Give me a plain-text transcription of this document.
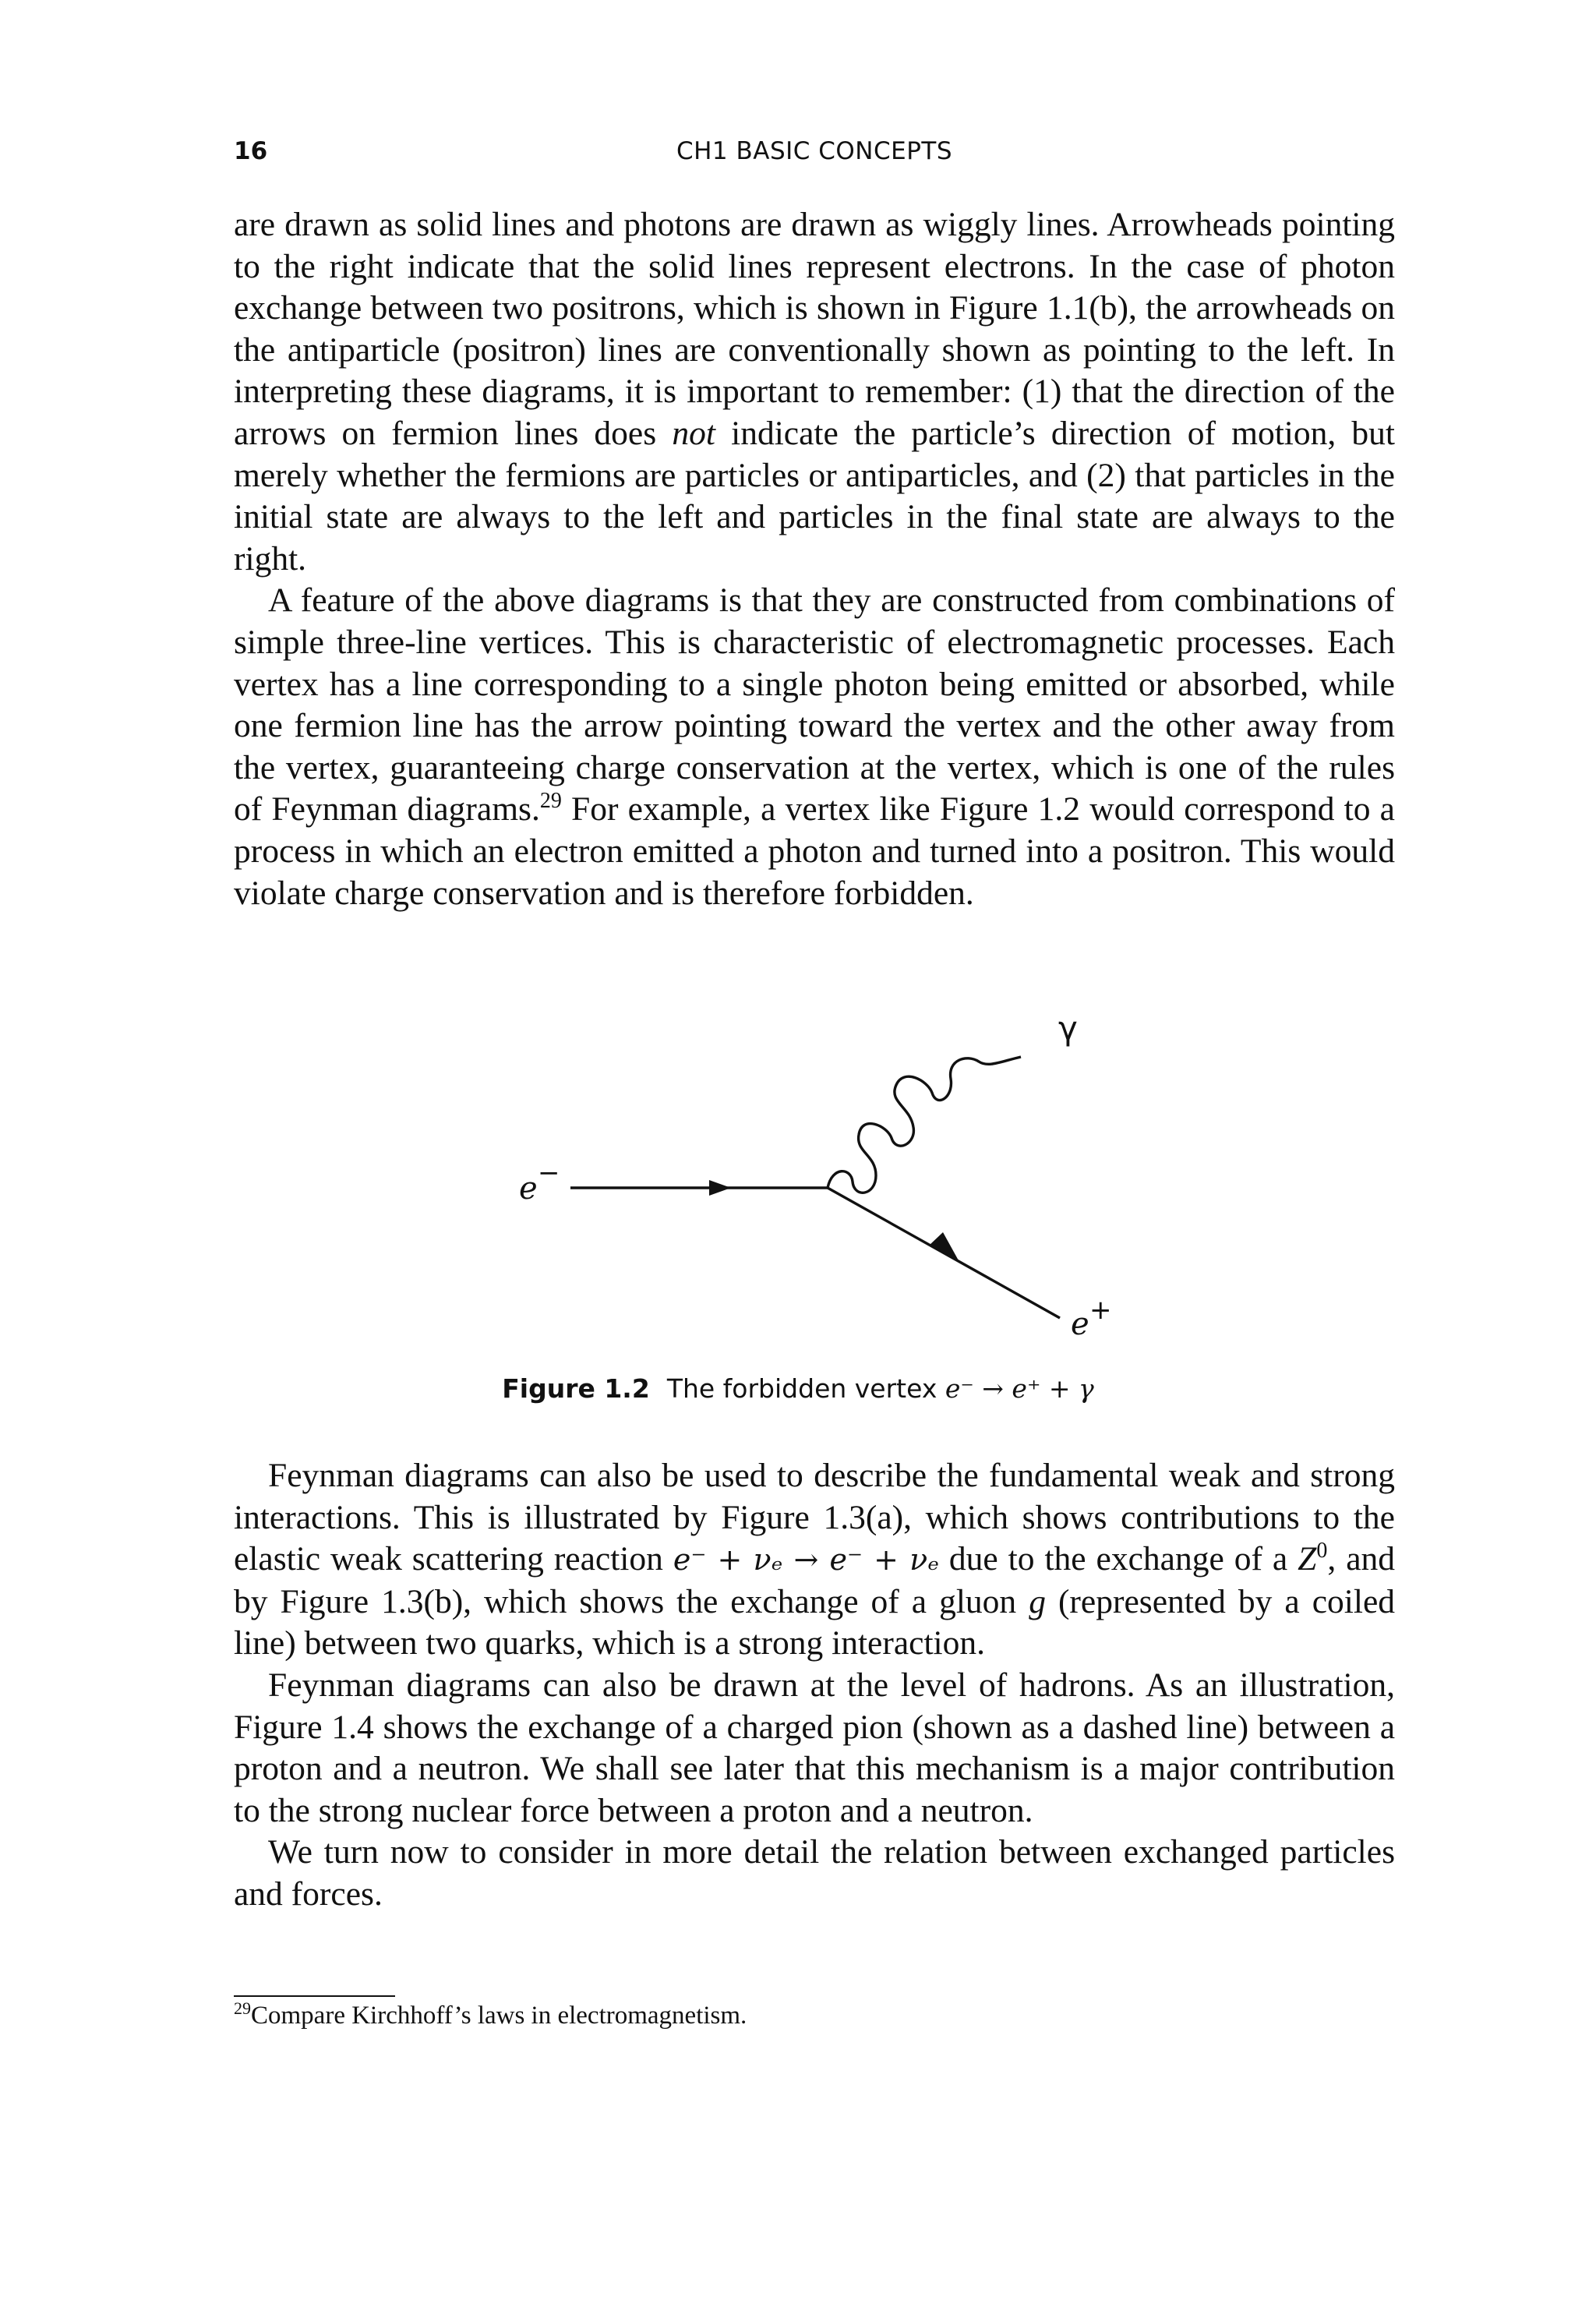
16	CH1 BASIC CONCEPTS

are drawn as solid lines and photons are drawn as wiggly lines. Arrowheads pointing to the right indicate that the solid lines represent electrons. In the case of photon exchange between two positrons, which is shown in Figure 1.1(b), the arrowheads on the antiparticle (positron) lines are conventionally shown as pointing to the left. In interpreting these diagrams, it is important to remember: (1) that the direction of the arrows on fermion lines does not indicate the particle’s direction of motion, but merely whether the fermions are particles or antiparticles, and (2) that particles in the initial state are always to the left and particles in the final state are always to the right.

A feature of the above diagrams is that they are constructed from combinations of simple three-line vertices. This is characteristic of electromagnetic processes. Each vertex has a line corresponding to a single photon being emitted or absorbed, while one fermion line has the arrow pointing toward the vertex and the other away from the vertex, guaranteeing charge conservation at the vertex, which is one of the rules of Feynman diagrams.$^{29}$ For example, a vertex like Figure 1.2 would correspond to a process in which an electron emitted a photon and turned into a positron. This would violate charge conservation and is therefore forbidden.

γ
e −
e +
Figure 1.2 The forbidden vertex e⁻ → e⁺ + γ

Feynman diagrams can also be used to describe the fundamental weak and strong interactions. This is illustrated by Figure 1.3(a), which shows contributions to the elastic weak scattering reaction e⁻ + νₑ → e⁻ + νₑ due to the exchange of a Z$^0$, and by Figure 1.3(b), which shows the exchange of a gluon g (represented by a coiled line) between two quarks, which is a strong interaction.

Feynman diagrams can also be drawn at the level of hadrons. As an illustration, Figure 1.4 shows the exchange of a charged pion (shown as a dashed line) between a proton and a neutron. We shall see later that this mechanism is a major contribution to the strong nuclear force between a proton and a neutron.

We turn now to consider in more detail the relation between exchanged particles and forces.

$^{29}$Compare Kirchhoff’s laws in electromagnetism.
